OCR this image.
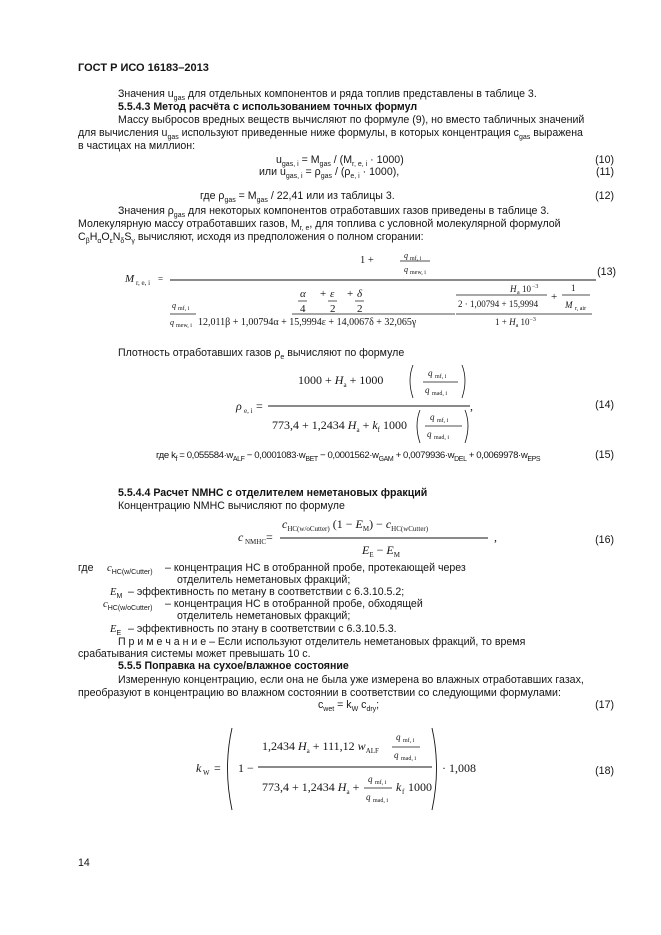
ГОСТ Р ИСО 16183–2013
Значения $u_{gas}$ для отдельных компонентов и ряда топлив представлены в таблице 3.
5.5.4.3 Метод расчёта с использованием точных формул
Массу выбросов вредных веществ вычисляют по формуле (9), но вместо табличных значений
для вычисления $u_{gas}$ используют приведенные ниже формулы, в которых концентрация $c_{gas}$ выражена
в частицах на миллион:
$u_{gas, i} = M_{gas} / (M_{r, e, i} \cdot 1000)$	(10)
или $u_{gas, i} = \rho_{gas} / (\rho_{e, i} \cdot 1000)$,	(11)
где $\rho_{gas} = M_{gas} / 22,41$ или из таблицы 3.	(12)
Значения $\rho_{gas}$ для некоторых компонентов отработавших газов приведены в таблице 3.
Молекулярную массу отработавших газов, $M_{r, e}$, для топлива с условной молекулярной формулой
$C_\beta H_\alpha O_\varepsilon N_\delta S_\gamma$ вычисляют, исходя из предположения о полном сгорании:
1 +	q mf, i
q mew, i
M r, e, i =
α + ε + δ
4 2 2
H a 10 −3
2 · 1,00794 + 15,9994
+
1
M r, air
q mf, i
q mew, i 12,011β + 1,00794α + 15,9994ε + 14,0067δ + 32,065γ	$1 + H_a$ $10^{-3}$
(13)
Плотность отработавших газов $\rho_e$ вычисляют по формуле
$1000 + H_a + 1000$	q mf, i
q mad, i
ρ e, i =
773,4 + 1,2434 $H_a + k_f$ 1000
q mf, i
q mad, i
,	(14)
где $k_f = 0,055584\cdot w_{ALF} - 0,0001083\cdot w_{BET} - 0,0001562\cdot w_{GAM} + 0,0079936\cdot w_{DEL} + 0,0069978\cdot w_{EPS}$	(15)
5.5.4.4 Расчет NMHC с отделителем неметановых фракций
Концентрацию NMHC вычисляют по формуле
c NMHC =
$c_{HC(w/oCutter)}$ $(1 - E_M) - c_{HC(wCutter)}$
$E_E - E_M$
,	(16)
где $c_{HC(w/Cutter)}$ – концентрация НС в отобранной пробе, протекающей через
отделитель неметановых фракций;
$E_M$ – эффективность по метану в соответствии с 6.3.10.5.2;
$c_{HC(w/oCutter)}$ – концентрация НС в отобранной пробе, обходящей
отделитель неметановых фракций;
$E_E$ – эффективность по этану в соответствии с 6.3.10.5.3.
П р и м е ч а н и е – Если используют отделитель неметановых фракций, то время
срабатывания системы может превышать 10 с.
5.5.5 Поправка на сухое/влажное состояние
Измеренную концентрацию, если она не была уже измерена во влажных отработавших газах,
преобразуют в концентрацию во влажном состоянии в соответствии со следующими формулами:
$c_{wet} = k_W$ $c_{dry}$;	(17)
k W = 1 −
1,2434 $H_a + 111,12$ $w_{ALF}$
q mf, i
q mad, i
773,4 + 1,2434 $H_a$ +
q mf, i
q mad, i
k f 1000
· 1,008	(18)
14
